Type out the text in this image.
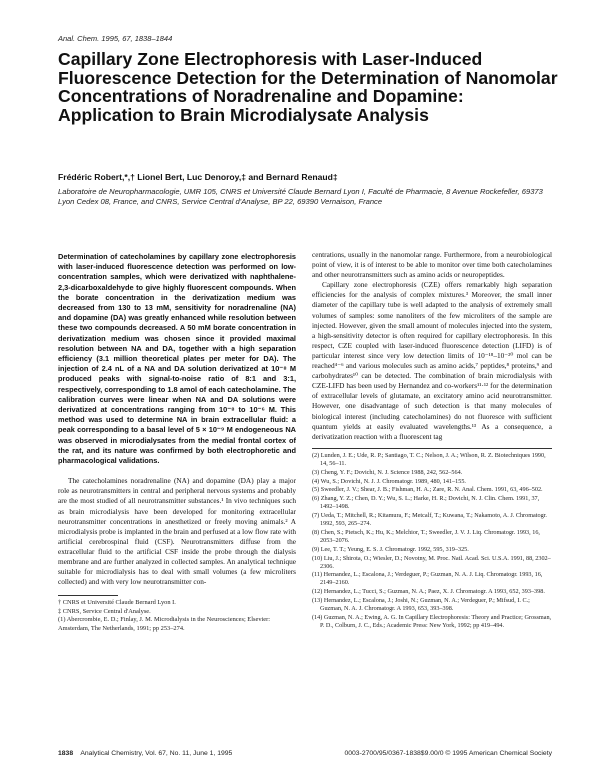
Anal. Chem. 1995, 67, 1838–1844
Capillary Zone Electrophoresis with Laser-Induced Fluorescence Detection for the Determination of Nanomolar Concentrations of Noradrenaline and Dopamine: Application to Brain Microdialysate Analysis
Frédéric Robert,*,† Lionel Bert, Luc Denoroy,‡ and Bernard Renaud‡
Laboratoire de Neuropharmacologie, UMR 105, CNRS et Université Claude Bernard Lyon I, Faculté de Pharmacie, 8 Avenue Rockefeller, 69373 Lyon Cedex 08, France, and CNRS, Service Central d'Analyse, BP 22, 69390 Vernaison, France

Determination of catecholamines by capillary zone electrophoresis with laser-induced fluorescence detection was performed on low-concentration samples, which were derivatized with naphthalene-2,3-dicarboxaldehyde to give highly fluorescent compounds. When the borate concentration in the derivatization medium was decreased from 130 to 13 mM, sensitivity for noradrenaline (NA) and dopamine (DA) was greatly enhanced while resolution between these two compounds decreased. A 50 mM borate concentration in derivatization medium was chosen since it provided maximal resolution between NA and DA, together with a high separation efficiency (3.1 million theoretical plates per meter for DA). The injection of 2.4 nL of a NA and DA solution derivatized at 10⁻⁸ M produced peaks with signal-to-noise ratio of 8:1 and 3:1, respectively, corresponding to 1.8 amol of each catecholamine. The calibration curves were linear when NA and DA solutions were derivatized at concentrations ranging from 10⁻⁸ to 10⁻⁶ M. This method was used to determine NA in brain extracellular fluid: a peak corresponding to a basal level of 5 × 10⁻⁹ M endogeneous NA was observed in microdialysates from the medial frontal cortex of the rat, and its nature was confirmed by both electrophoretic and pharmacological validations.

The catecholamines noradrenaline (NA) and dopamine (DA) play a major role as neurotransmitters in central and peripheral nervous systems and probably are the most studied of all neurotransmitter substances.¹ In vivo techniques such as brain microdialysis have been developed for monitoring extracellular neurotransmitter concentrations in anesthetized or freely moving animals.² A microdialysis probe is implanted in the brain and perfused at a low flow rate with artificial cerebrospinal fluid (CSF). Neurotransmitters diffuse from the extracellular fluid to the artificial CSF inside the probe through the dialysis membrane and are further analyzed in collected samples. An analytical technique suitable for microdialysis has to deal with small volumes (a few microliters collected) and with very low neurotransmitter con-

† CNRS et Université Claude Bernard Lyon I.
‡ CNRS, Service Central d'Analyse.
(1) Abercrombie, E. D.; Finlay, J. M. Microdialysis in the Neurosciences; Elsevier: Amsterdam, The Netherlands, 1991; pp 253–274.

centrations, usually in the nanomolar range. Furthermore, from a neurobiological point of view, it is of interest to be able to monitor over time both catecholamines and other neurotransmitters such as amino acids or neuropeptides.

Capillary zone electrophoresis (CZE) offers remarkably high separation efficiencies for the analysis of complex mixtures.³ Moreover, the small inner diameter of the capillary tube is well adapted to the analysis of extremely small volumes of samples: some nanoliters of the few microliters of the sample are injected. However, given the small amount of molecules injected into the system, a high-sensitivity detector is often required for capillary electrophoresis. In this respect, CZE coupled with laser-induced fluorescence detection (LIFD) is of particular interest since very low detection limits of 10⁻¹⁸–10⁻²⁰ mol can be reached⁴⁻⁶ and various molecules such as amino acids,⁷ peptides,⁸ proteins,⁹ and carbohydrates¹⁰ can be detected. The combination of brain microdialysis with CZE-LIFD has been used by Hernandez and co-workers¹¹·¹² for the determination of extracellular levels of glutamate, an excitatory amino acid neurotransmitter. However, one disadvantage of such detection is that many molecules of biological interest (including catecholamines) do not fluoresce with sufficient quantum yields at easily evaluated wavelengths.¹³ As a consequence, a derivatization reaction with a fluorescent tag

(2) Lunden, J. E.; Ude, R. P.; Santiago, T. C.; Nelson, J. A.; Wilson, R. Z. Biotechniques 1990, 14, 56–11.
(3) Cheng, Y. F.; Dovichi, N. J. Science 1988, 242, 562–564.
(4) Wu, S.; Dovichi, N. J. J. Chromatogr. 1989, 480, 141–155.
(5) Sweedler, J. V.; Shear, J. B.; Fishman, H. A.; Zare, R. N. Anal. Chem. 1991, 63, 496–502.
(6) Zhang, Y. Z.; Chen, D. Y.; Wu, S. L.; Harke, H. R.; Dovichi, N. J. Clin. Chem. 1991, 37, 1492–1498.
(7) Ueda, T.; Mitchell, R.; Kitamura, F.; Metcalf, T.; Kuwana, T.; Nakamoto, A. J. Chromatogr. 1992, 593, 265–274.
(8) Chen, S.; Pietsch, K.; Hu, K.; Melchior, T.; Sweedler, J. V. J. Liq. Chromatogr. 1993, 16, 2053–2076.
(9) Lee, T. T.; Yeung, E. S. J. Chromatogr. 1992, 595, 319–325.
(10) Liu, J.; Shirota, O.; Wiesler, D.; Novotny, M. Proc. Natl. Acad. Sci. U.S.A. 1991, 88, 2302–2306.
(11) Hernandez, L.; Escalona, J.; Verdeguer, P.; Guzman, N. A. J. Liq. Chromatogr. 1993, 16, 2149–2160.
(12) Hernandez, L.; Tucci, S.; Guzman, N. A.; Paez, X. J. Chromatogr. A 1993, 652, 393–398.
(13) Hernandez, L.; Escalona, J.; Joshi, N.; Guzman, N. A.; Verdeguer, P.; Mifsud, I. C.; Guzman, N. A. J. Chromatogr. A 1993, 653, 393–398.
(14) Guzman, N. A.; Ewing, A. G. In Capillary Electrophoresis: Theory and Practice; Grossman, P. D., Colburn, J. C., Eds.; Academic Press: New York, 1992; pp 419–494.
1838 Analytical Chemistry, Vol. 67, No. 11, June 1, 1995	0003-2700/95/0367-1838$9.00/0 © 1995 American Chemical Society
